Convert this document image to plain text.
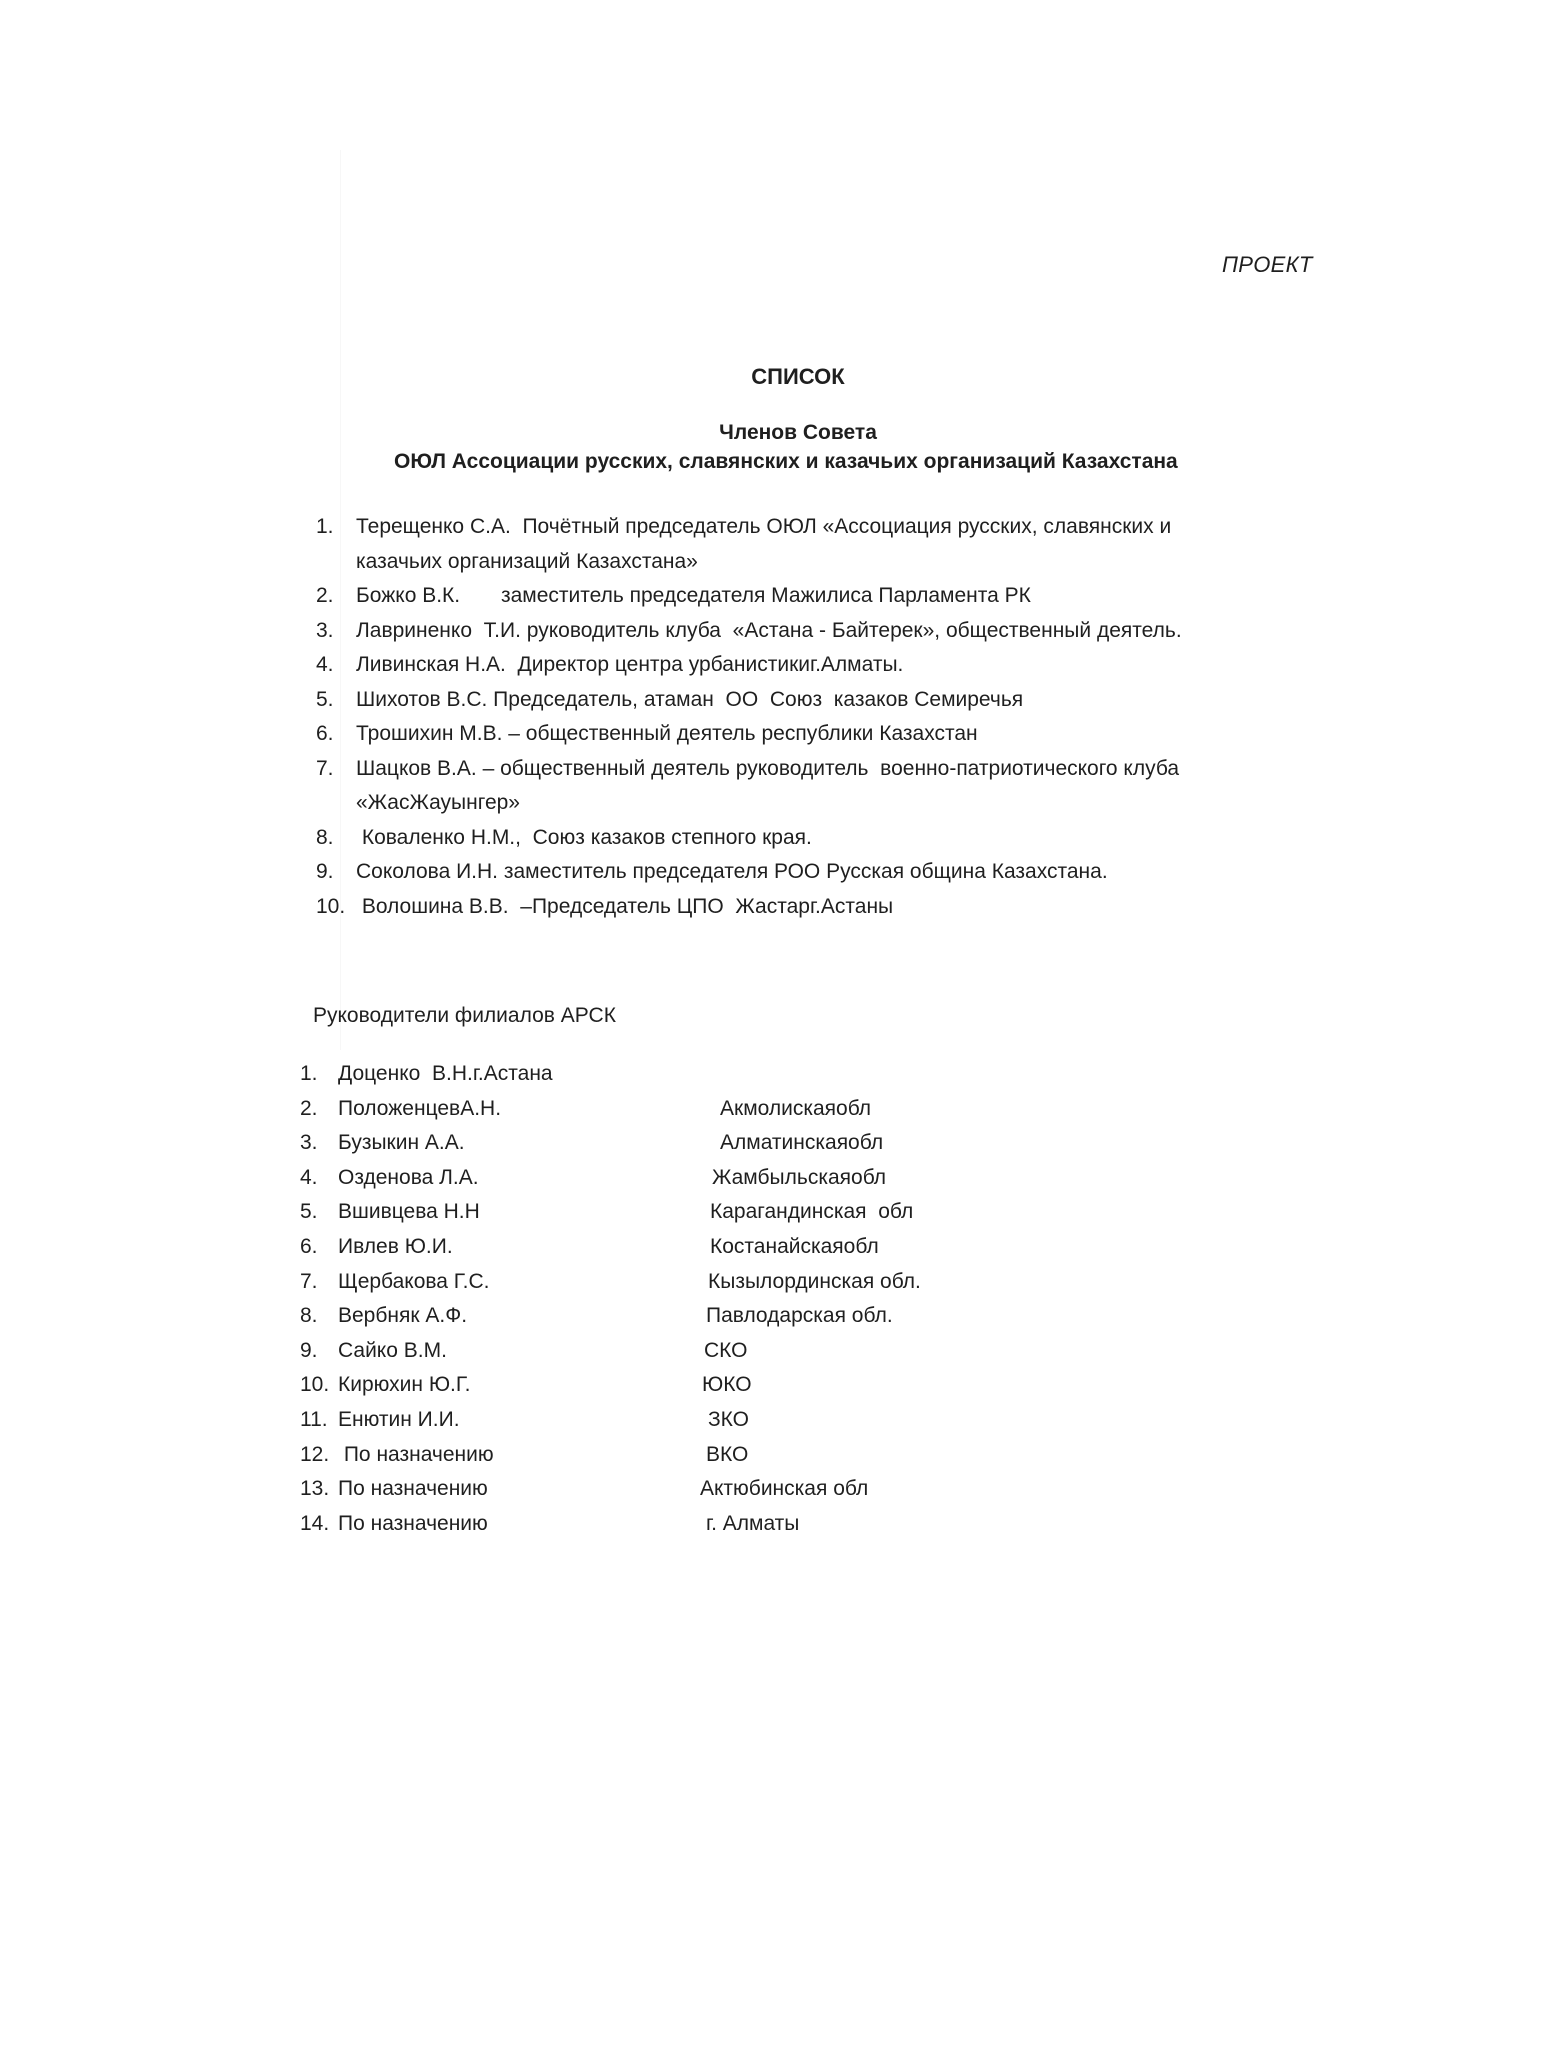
ПРОЕКТ
СПИСОК
Членов Совета
ОЮЛ Ассоциации русских, славянских и казачьих организаций Казахстана
1.	Терещенко С.А.  Почётный председатель ОЮЛ «Ассоциация русских, славянских и
казачьих организаций Казахстана»
2.	Божко В.К.       заместитель председателя Мажилиса Парламента РК
3.	Лавриненко  Т.И. руководитель клуба  «Астана - Байтерек», общественный деятель.
4.	Ливинская Н.А.  Директор центра урбанистикиг.Алматы.
5.	Шихотов В.С. Председатель, атаман  ОО  Союз  казаков Семиречья
6.	Трошихин М.В. – общественный деятель республики Казахстан
7.	Шацков В.А. – общественный деятель руководитель  военно-патриотического клуба
«ЖасЖауынгер»
8.	Коваленко Н.М.,  Союз казаков степного края.
9.	Соколова И.Н. заместитель председателя РОО Русская община Казахстана.
10. Волошина В.В.  –Председатель ЦПО  Жастарг.Астаны
Руководители филиалов АРСК
1. Доценко  В.Н.г.Астана
2. ПоложенцевА.Н.	Акмолискаяобл
3. Бузыкин А.А.	Алматинскаяобл
4. Озденова Л.А.	Жамбыльскаяобл
5. Вшивцева Н.Н	Карагандинская  обл
6. Ивлев Ю.И.	Костанайскаяобл
7. Щербакова Г.С.	Кызылординская обл.
8. Вербняк А.Ф.	Павлодарская обл.
9. Сайко В.М.	СКО
10. Кирюхин Ю.Г.	ЮКО
11. Енютин И.И.	ЗКО
12. По назначению	ВКО
13. По назначению	Актюбинская обл
14. По назначению	г. Алматы
